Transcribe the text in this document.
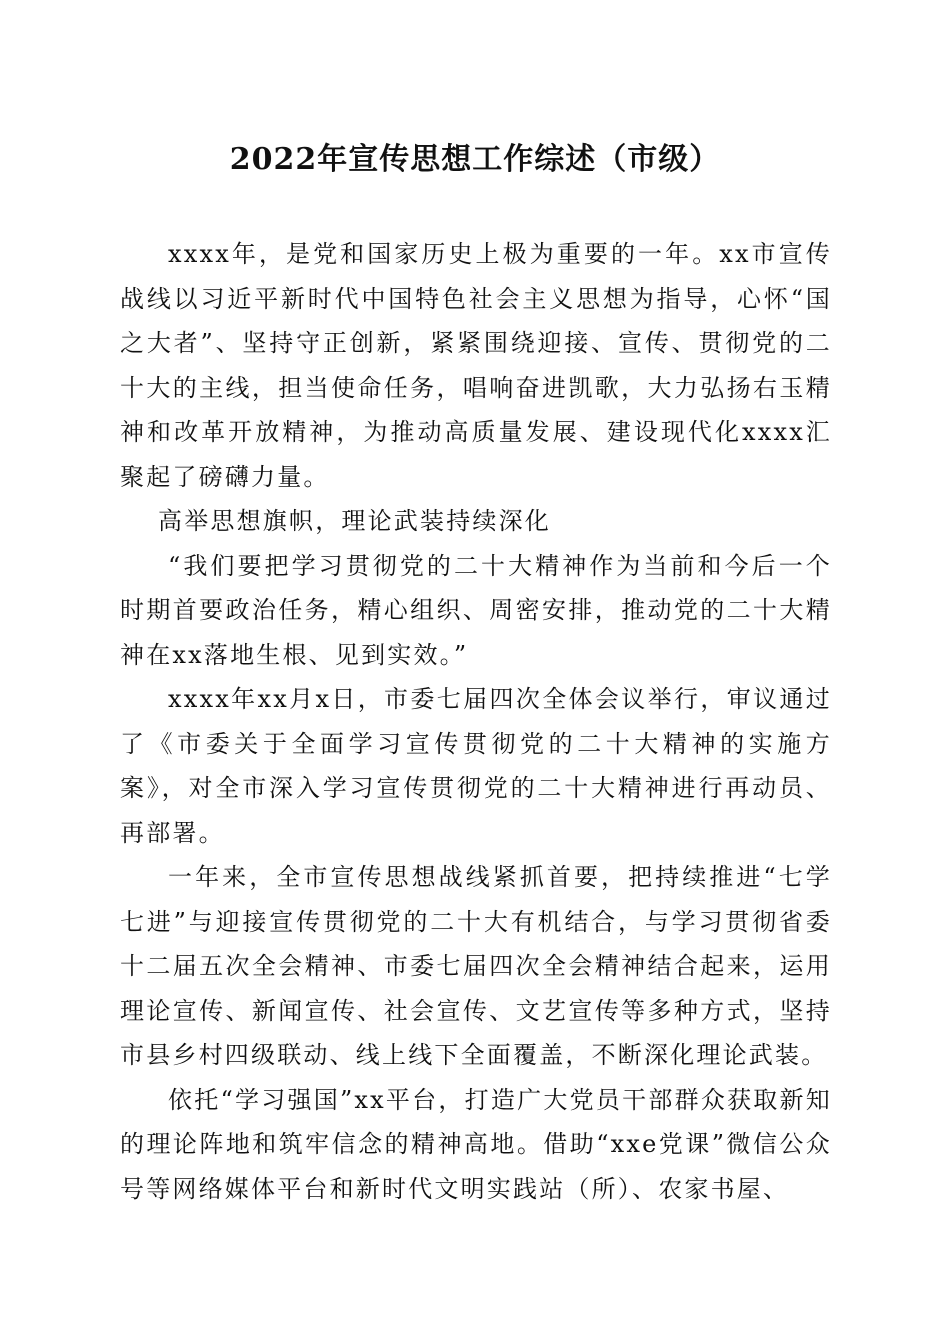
2022年宣传思想工作综述（市级）

xxxx年，是党和国家历史上极为重要的一年。xx市宣传战线以习近平新时代中国特色社会主义思想为指导，心怀“国之大者”、坚持守正创新，紧紧围绕迎接、宣传、贯彻党的二十大的主线，担当使命任务，唱响奋进凯歌，大力弘扬右玉精神和改革开放精神，为推动高质量发展、建设现代化xxxx汇聚起了磅礴力量。

高举思想旗帜，理论武装持续深化

“我们要把学习贯彻党的二十大精神作为当前和今后一个时期首要政治任务，精心组织、周密安排，推动党的二十大精神在xx落地生根、见到实效。”

xxxx年xx月x日，市委七届四次全体会议举行，审议通过了《市委关于全面学习宣传贯彻党的二十大精神的实施方案》，对全市深入学习宣传贯彻党的二十大精神进行再动员、再部署。

一年来，全市宣传思想战线紧抓首要，把持续推进“七学七进”与迎接宣传贯彻党的二十大有机结合，与学习贯彻省委十二届五次全会精神、市委七届四次全会精神结合起来，运用理论宣传、新闻宣传、社会宣传、文艺宣传等多种方式，坚持市县乡村四级联动、线上线下全面覆盖，不断深化理论武装。

依托“学习强国”xx平台，打造广大党员干部群众获取新知的理论阵地和筑牢信念的精神高地。借助“xxe党课”微信公众号等网络媒体平台和新时代文明实践站（所）、农家书屋、
